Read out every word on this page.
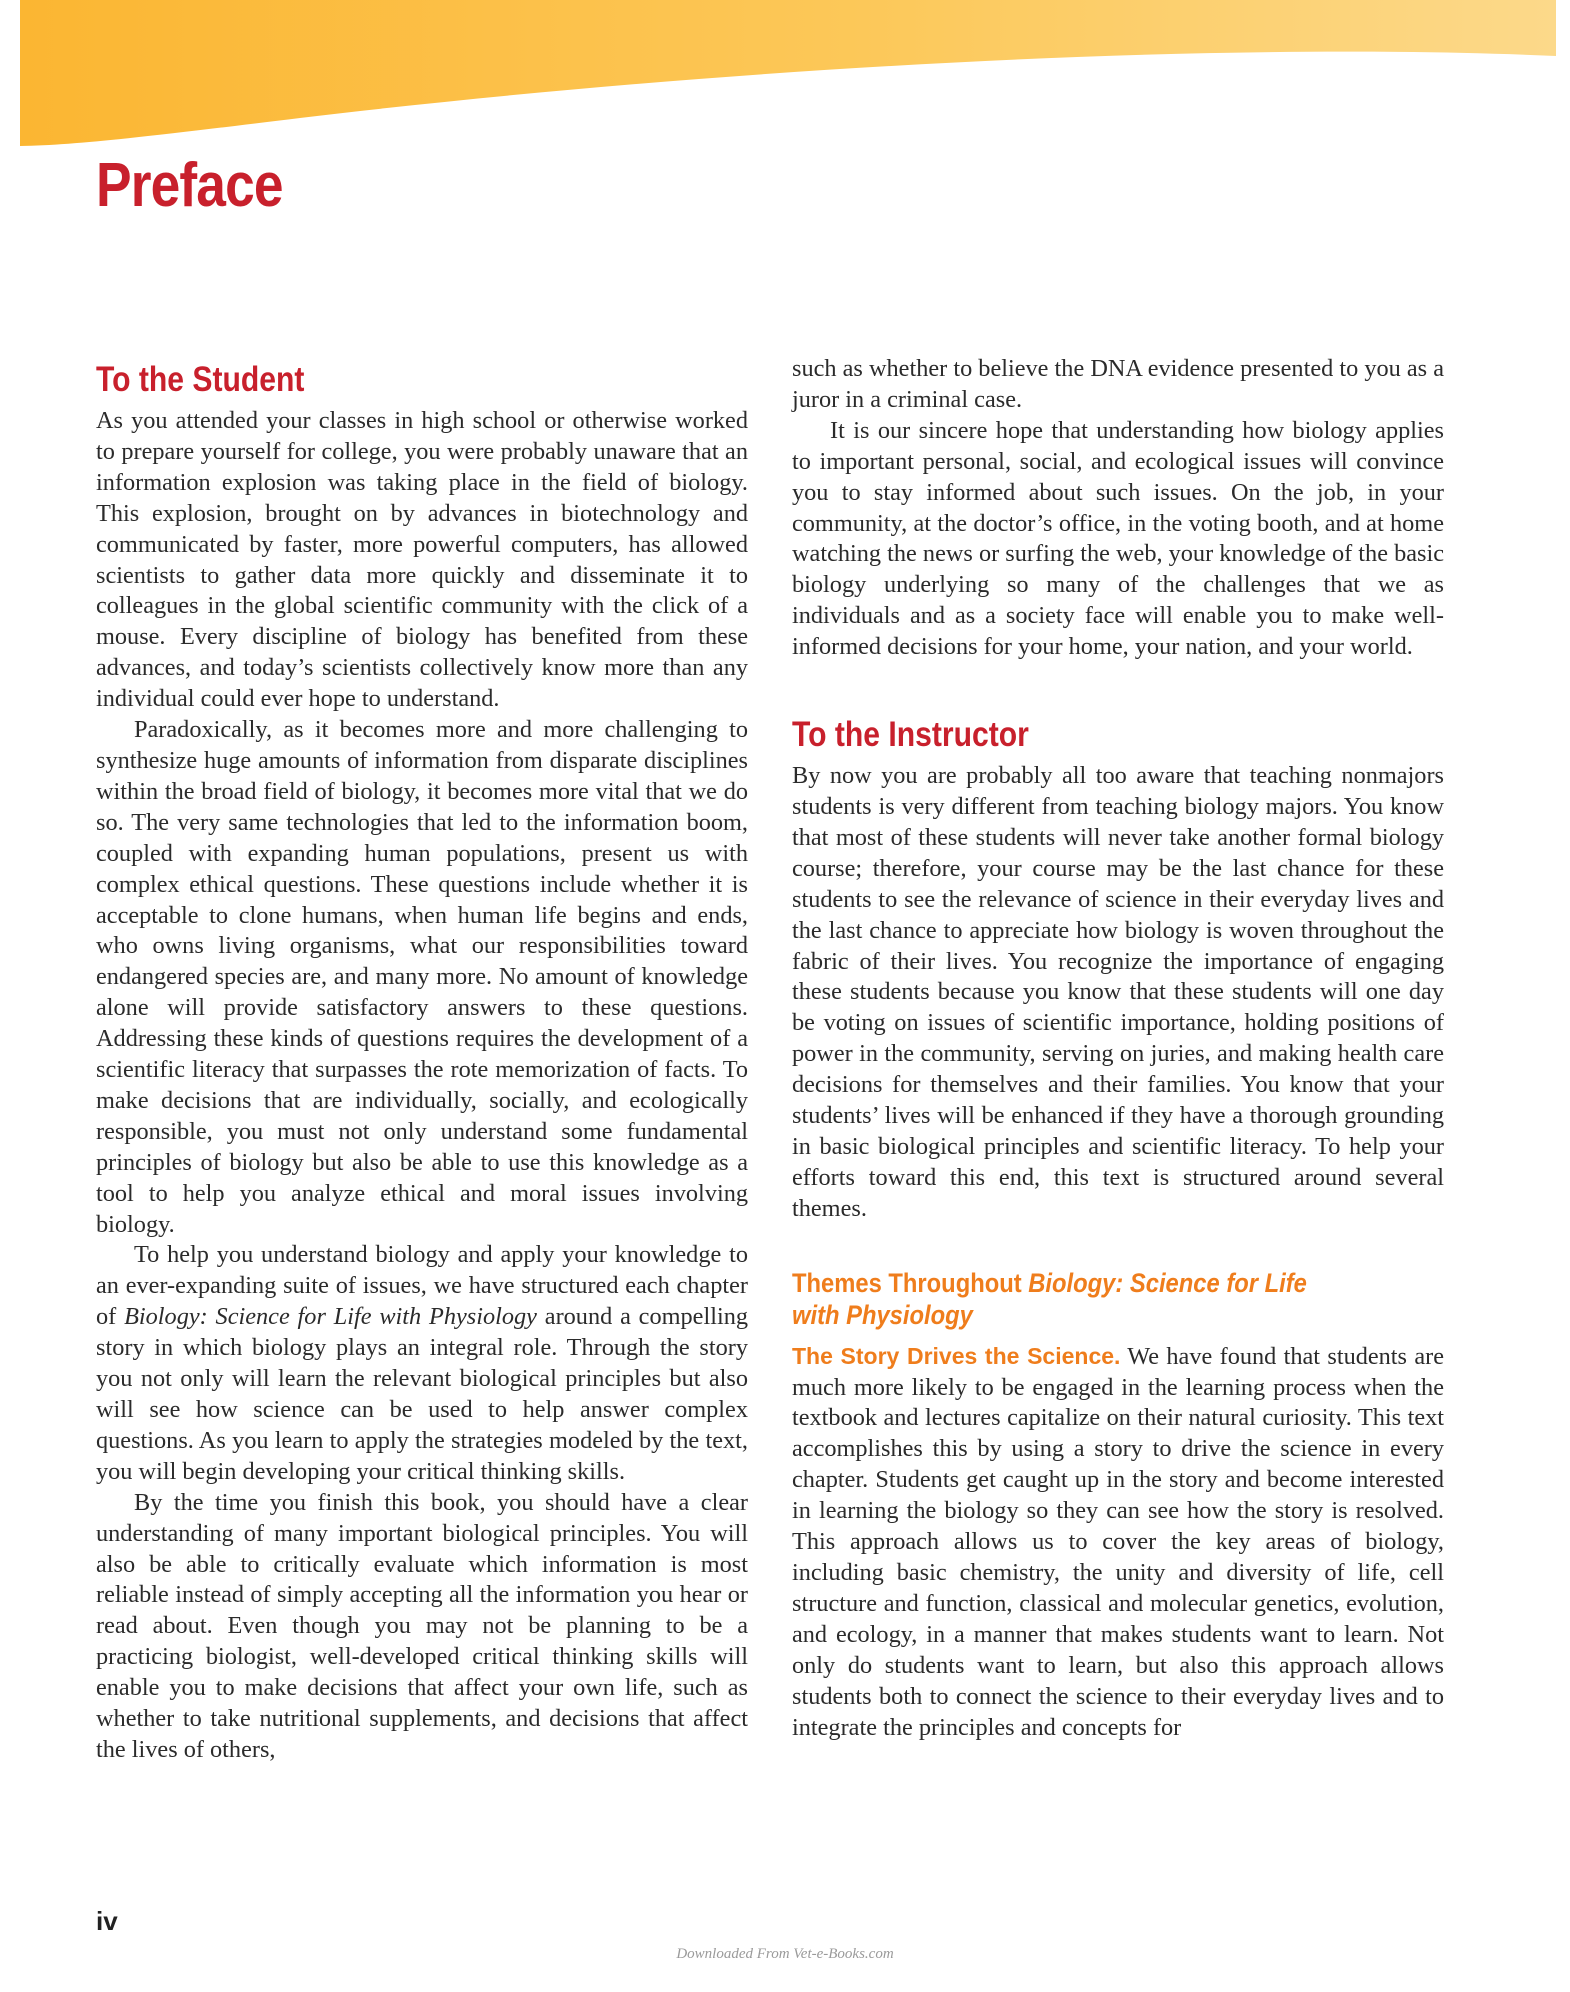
Preface
To the Student

As you attended your classes in high school or otherwise worked to prepare yourself for college, you were probably unaware that an information explosion was taking place in the field of biology. This explosion, brought on by advances in biotechnology and communicated by faster, more powerful computers, has allowed scientists to gather data more quickly and disseminate it to colleagues in the global scientific community with the click of a mouse. Every discipline of biology has benefited from these advances, and today’s scientists collectively know more than any individual could ever hope to understand.

Paradoxically, as it becomes more and more challenging to synthesize huge amounts of information from disparate disciplines within the broad field of biology, it becomes more vital that we do so. The very same technologies that led to the information boom, coupled with expanding human populations, present us with complex ethical questions. These questions include whether it is acceptable to clone humans, when human life begins and ends, who owns living organisms, what our responsibilities toward endangered species are, and many more. No amount of knowledge alone will provide satisfactory answers to these questions. Addressing these kinds of questions requires the development of a scientific literacy that surpasses the rote memorization of facts. To make decisions that are individually, socially, and ecologically responsible, you must not only understand some fundamental principles of biology but also be able to use this knowledge as a tool to help you analyze ethical and moral issues involving biology.

To help you understand biology and apply your knowledge to an ever-expanding suite of issues, we have structured each chapter of Biology: Science for Life with Physiology around a compelling story in which biology plays an integral role. Through the story you not only will learn the relevant biological principles but also will see how science can be used to help answer complex questions. As you learn to apply the strategies modeled by the text, you will begin developing your critical thinking skills.

By the time you finish this book, you should have a clear understanding of many important biological principles. You will also be able to critically evaluate which information is most reliable instead of simply accepting all the information you hear or read about. Even though you may not be planning to be a practicing biologist, well-developed critical thinking skills will enable you to make decisions that affect your own life, such as whether to take nutritional supplements, and decisions that affect the lives of others,

such as whether to believe the DNA evidence presented to you as a juror in a criminal case.

It is our sincere hope that understanding how biology applies to important personal, social, and ecological issues will convince you to stay informed about such issues. On the job, in your community, at the doctor’s office, in the voting booth, and at home watching the news or surfing the web, your knowledge of the basic biology underlying so many of the challenges that we as individuals and as a society face will enable you to make well-informed decisions for your home, your nation, and your world.

To the Instructor

By now you are probably all too aware that teaching nonmajors students is very different from teaching biology majors. You know that most of these students will never take another formal biology course; therefore, your course may be the last chance for these students to see the relevance of science in their everyday lives and the last chance to appreciate how biology is woven throughout the fabric of their lives. You recognize the importance of engaging these students because you know that these students will one day be voting on issues of scientific importance, holding positions of power in the community, serving on juries, and making health care decisions for themselves and their families. You know that your students’ lives will be enhanced if they have a thorough grounding in basic biological principles and scientific literacy. To help your efforts toward this end, this text is structured around several themes.

Themes Throughout Biology: Science for Life
with Physiology

The Story Drives the Science. We have found that students are much more likely to be engaged in the learning process when the textbook and lectures capitalize on their natural curiosity. This text accomplishes this by using a story to drive the science in every chapter. Students get caught up in the story and become interested in learning the biology so they can see how the story is resolved. This approach allows us to cover the key areas of biology, including basic chemistry, the unity and diversity of life, cell structure and function, classical and molecular genetics, evolution, and ecology, in a manner that makes students want to learn. Not only do students want to learn, but also this approach allows students both to connect the science to their everyday lives and to integrate the principles and concepts for

iv
Downloaded From Vet-e-Books.com
